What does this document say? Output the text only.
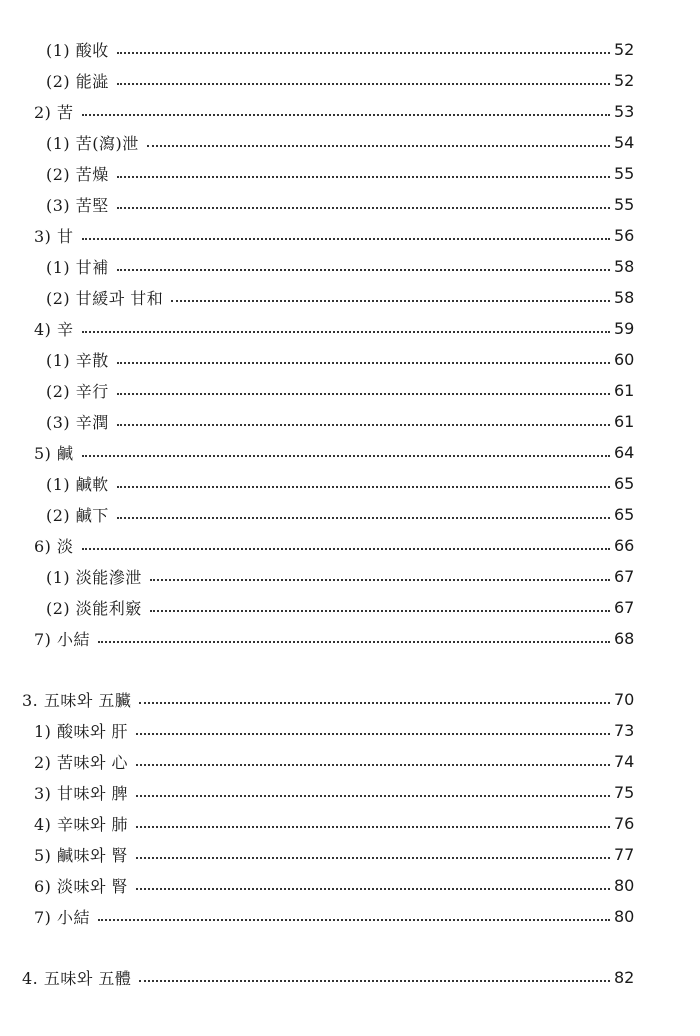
(1) 酸收	52
(2) 能澁	52
2) 苦	53
(1) 苦(瀉)泄	54
(2) 苦燥	55
(3) 苦堅	55
3) 甘	56
(1) 甘補	58
(2) 甘緩과 甘和	58
4) 辛	59
(1) 辛散	60
(2) 辛行	61
(3) 辛潤	61
5) 鹹	64
(1) 鹹軟	65
(2) 鹹下	65
6) 淡	66
(1) 淡能滲泄	67
(2) 淡能利竅	67
7) 小結	68
3. 五味와 五臟	70
1) 酸味와 肝	73
2) 苦味와 心	74
3) 甘味와 脾	75
4) 辛味와 肺	76
5) 鹹味와 腎	77
6) 淡味와 腎	80
7) 小結	80
4. 五味와 五體	82
